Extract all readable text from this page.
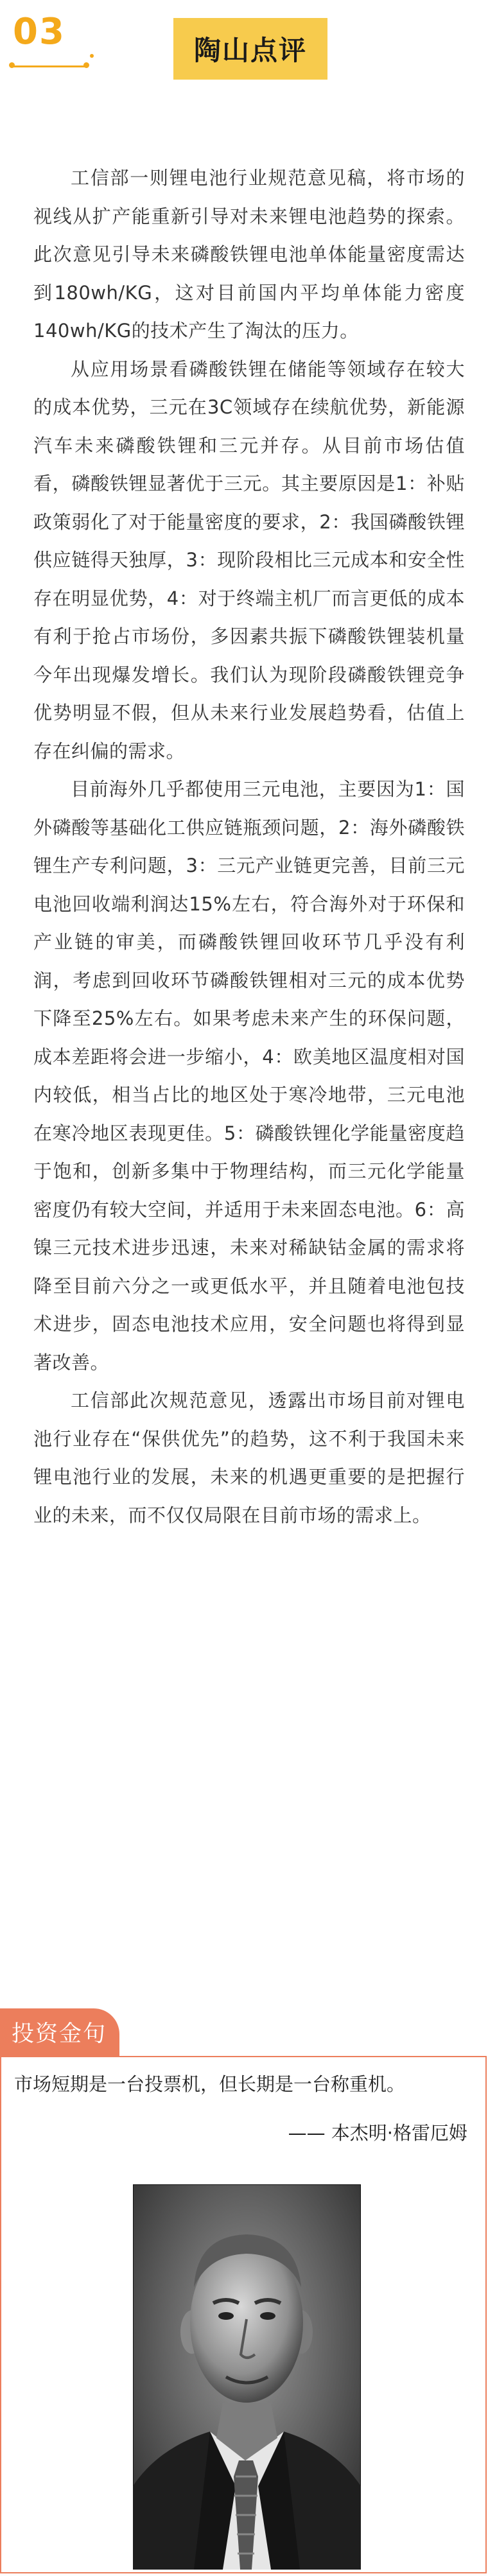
03	陶山点评

工信部一则锂电池行业规范意见稿，将市场的视线从扩产能重新引导对未来锂电池趋势的探索。此次意见引导未来磷酸铁锂电池单体能量密度需达到180wh/KG，这对目前国内平均单体能力密度140wh/KG的技术产生了淘汰的压力。

从应用场景看磷酸铁锂在储能等领域存在较大的成本优势，三元在3C领域存在续航优势，新能源汽车未来磷酸铁锂和三元并存。从目前市场估值看，磷酸铁锂显著优于三元。其主要原因是1：补贴政策弱化了对于能量密度的要求，2：我国磷酸铁锂供应链得天独厚，3：现阶段相比三元成本和安全性存在明显优势，4：对于终端主机厂而言更低的成本有利于抢占市场份，多因素共振下磷酸铁锂装机量今年出现爆发增长。我们认为现阶段磷酸铁锂竞争优势明显不假，但从未来行业发展趋势看，估值上存在纠偏的需求。

目前海外几乎都使用三元电池，主要因为1：国外磷酸等基础化工供应链瓶颈问题，2：海外磷酸铁锂生产专利问题，3：三元产业链更完善，目前三元电池回收端利润达15%左右，符合海外对于环保和产业链的审美，而磷酸铁锂回收环节几乎没有利润，考虑到回收环节磷酸铁锂相对三元的成本优势下降至25%左右。如果考虑未来产生的环保问题，成本差距将会进一步缩小，4：欧美地区温度相对国内较低，相当占比的地区处于寒冷地带，三元电池在寒冷地区表现更佳。5：磷酸铁锂化学能量密度趋于饱和，创新多集中于物理结构，而三元化学能量密度仍有较大空间，并适用于未来固态电池。6：高镍三元技术进步迅速，未来对稀缺钴金属的需求将降至目前六分之一或更低水平，并且随着电池包技术进步，固态电池技术应用，安全问题也将得到显著改善。

工信部此次规范意见，透露出市场目前对锂电池行业存在“保供优先”的趋势，这不利于我国未来锂电池行业的发展，未来的机遇更重要的是把握行业的未来，而不仅仅局限在目前市场的需求上。

投资金句
市场短期是一台投票机，但长期是一台称重机。
—— 本杰明·格雷厄姆
